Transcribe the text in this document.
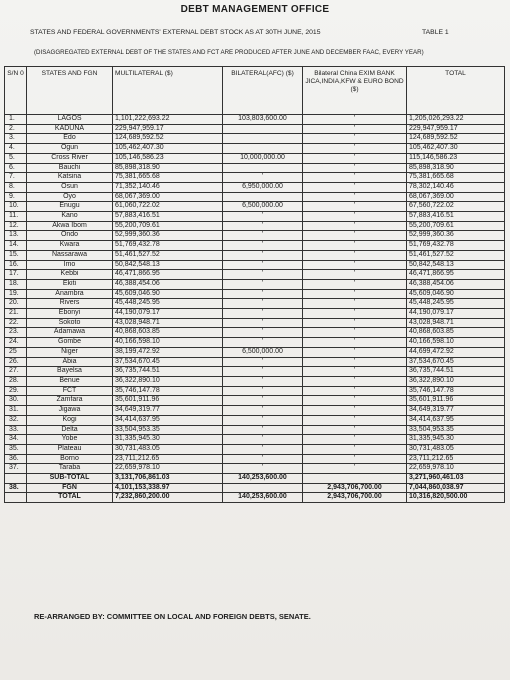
DEBT MANAGEMENT OFFICE
STATES AND FEDERAL GOVERNMENTS' EXTERNAL DEBT STOCK AS AT 30TH JUNE, 2015	TABLE 1
(DISAGGREGATED EXTERNAL DEBT OF THE STATES AND FCT ARE PRODUCED AFTER JUNE AND DECEMBER FAAC, EVERY YEAR)
S/N 0	STATES AND FGN	MULTILATERAL ($)	BILATERAL(AFC) ($)	Bilateral China EXIM BANK JICA,INDIA,KFW & EURO BOND ($)	TOTAL
1.	LAGOS	1,101,222,693.22	103,803,600.00	'	1,205,026,293.22
2.	KADUNA	229,947,959.17		'	229,947,959.17
3.	Edo	124,689,592.52		'	124,689,592.52
4.	Ogun	105,462,407.30		'	105,462,407.30
5.	Cross River	105,146,586.23	10,000,000.00	'	115,146,586.23
6.	Bauchi	85,898,318.90		'	85,898,318.90
7.	Katsina	75,381,665.68	'	'	75,381,665.68
8.	Osun	71,352,140.46	6,950,000.00	'	78,302,140.46
9.	Oyo	68,067,369.00		'	68,067,369.00
10.	Enugu	61,060,722.02	6,500,000.00	'	67,560,722.02
11.	Kano	57,883,416.51	'	'	57,883,416.51
12.	Akwa Ibom	55,200,709.61	'	'	55,200,709.61
13.	Ondo	52,999,360.36	'	'	52,999,360.36
14.	Kwara	51,769,432.78	'	'	51,769,432.78
15.	Nassarawa	51,461,527.52	'	'	51,461,527.52
16.	Imo	50,842,548.13	'	'	50,842,548.13
17.	Kebbi	46,471,866.95	'	'	46,471,866.95
18.	Ekiti	46,388,454.06	'	'	46,388,454.06
19.	Anambra	45,609,046.90	'	'	45,609,046.90
20.	Rivers	45,448,245.95	'	'	45,448,245.95
21.	Ebonyi	44,190,079.17	'	'	44,190,079.17
22.	Sokoto	43,028,948.71	'	'	43,028,948.71
23.	Adamawa	40,868,603.85	'	'	40,868,603.85
24.	Gombe	40,166,598.10	'	'	40,166,598.10
25	Niger	38,199,472.92	6,500,000.00	'	44,699,472.92
26.	Abia	37,534,670.45	'	'	37,534,670.45
27.	Bayelsa	36,735,744.51	'	'	36,735,744.51
28.	Benue	36,322,890.10	'	'	36,322,890.10
29.	FCT	35,746,147.78	'	'	35,746,147.78
30.	Zamfara	35,601,911.96	'	'	35,601,911.96
31.	Jigawa	34,649,319.77	'	'	34,649,319.77
32.	Kogi	34,414,637.95	'	'	34,414,637.95
33.	Delta	33,504,953.35	'	'	33,504,953.35
34.	Yobe	31,335,945.30	'	'	31,335,945.30
35.	Plateau	30,731,483.05	'	'	30,731,483.05
36.	Borno	23,711,212.65	'	'	23,711,212.65
37.	Taraba	22,659,978.10	'	'	22,659,978.10
	SUB-TOTAL	3,131,706,861.03	140,253,600.00		3,271,960,461.03
38.	FGN	4,101,153,338.97		2,943,706,700.00	7,044,860,038.97
	TOTAL	7,232,860,200.00	140,253,600.00	2,943,706,700.00	10,316,820,500.00
RE-ARRANGED BY: COMMITTEE ON LOCAL AND FOREIGN DEBTS, SENATE.
